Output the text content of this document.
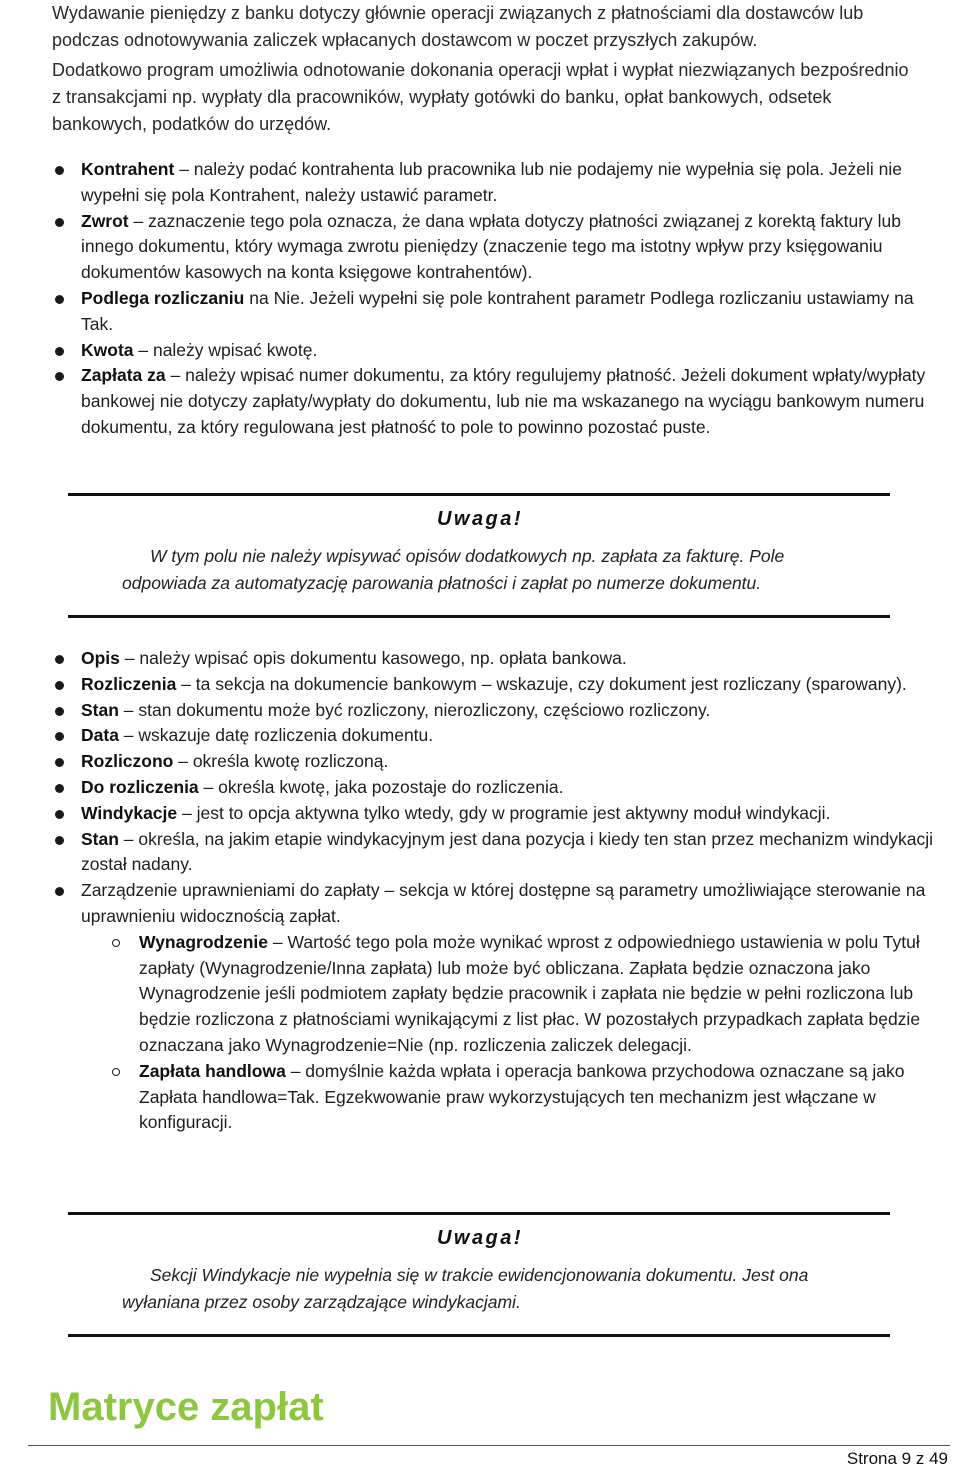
Wydawanie pieniędzy z banku dotyczy głównie operacji związanych z płatnościami dla dostawców lub podczas odnotowywania zaliczek wpłacanych dostawcom w poczet przyszłych zakupów.

Dodatkowo program umożliwia odnotowanie dokonania operacji wpłat i wypłat niezwiązanych bezpośrednio z transakcjami np. wypłaty dla pracowników, wypłaty gotówki do banku, opłat bankowych, odsetek bankowych, podatków do urzędów.

Kontrahent – należy podać kontrahenta lub pracownika lub nie podajemy nie wypełnia się pola. Jeżeli nie wypełni się pola Kontrahent, należy ustawić parametr.
Zwrot – zaznaczenie tego pola oznacza, że dana wpłata dotyczy płatności związanej z korektą faktury lub innego dokumentu, który wymaga zwrotu pieniędzy (znaczenie tego ma istotny wpływ przy księgowaniu dokumentów kasowych na konta księgowe kontrahentów).
Podlega rozliczaniu na Nie. Jeżeli wypełni się pole kontrahent parametr Podlega rozliczaniu ustawiamy na Tak.
Kwota – należy wpisać kwotę.
Zapłata za – należy wpisać numer dokumentu, za który regulujemy płatność. Jeżeli dokument wpłaty/wypłaty bankowej nie dotyczy zapłaty/wypłaty do dokumentu, lub nie ma wskazanego na wyciągu bankowym numeru dokumentu, za który regulowana jest płatność to pole to powinno pozostać puste.
Uwaga!

W tym polu nie należy wpisywać opisów dodatkowych np. zapłata za fakturę. Pole odpowiada za automatyzację parowania płatności i zapłat po numerze dokumentu.

Opis – należy wpisać opis dokumentu kasowego, np. opłata bankowa.
Rozliczenia – ta sekcja na dokumencie bankowym – wskazuje, czy dokument jest rozliczany (sparowany).
Stan – stan dokumentu może być rozliczony, nierozliczony, częściowo rozliczony.
Data – wskazuje datę rozliczenia dokumentu.
Rozliczono – określa kwotę rozliczoną.
Do rozliczenia – określa kwotę, jaka pozostaje do rozliczenia.
Windykacje – jest to opcja aktywna tylko wtedy, gdy w programie jest aktywny moduł windykacji.
Stan – określa, na jakim etapie windykacyjnym jest dana pozycja i kiedy ten stan przez mechanizm windykacji został nadany.
Zarządzenie uprawnieniami do zapłaty – sekcja w której dostępne są parametry umożliwiające sterowanie na uprawnieniu widocznością zapłat.
Wynagrodzenie – Wartość tego pola może wynikać wprost z odpowiedniego ustawienia w polu Tytuł zapłaty (Wynagrodzenie/Inna zapłata) lub może być obliczana. Zapłata będzie oznaczona jako Wynagrodzenie jeśli podmiotem zapłaty będzie pracownik i zapłata nie będzie w pełni rozliczona lub będzie rozliczona z płatnościami wynikającymi z list płac. W pozostałych przypadkach zapłata będzie oznaczana jako Wynagrodzenie=Nie (np. rozliczenia zaliczek delegacji.
Zapłata handlowa – domyślnie każda wpłata i operacja bankowa przychodowa oznaczane są jako Zapłata handlowa=Tak. Egzekwowanie praw wykorzystujących ten mechanizm jest włączane w konfiguracji.
Uwaga!

Sekcji Windykacje nie wypełnia się w trakcie ewidencjonowania dokumentu. Jest ona wyłaniana przez osoby zarządzające windykacjami.

Matryce zapłat
Strona 9 z 49
